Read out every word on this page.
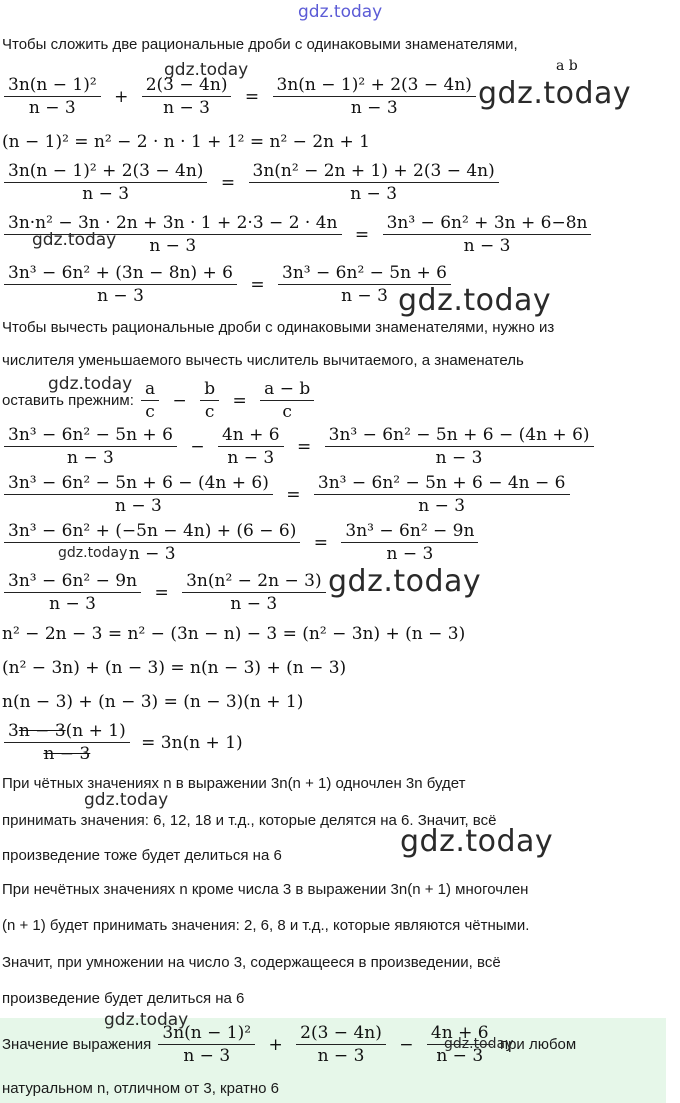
gdz.today
Чтобы сложить две рациональные дроби с одинаковыми знаменателями,
$\frac{\text{3n(n − 1)²}}{n - 3} + \frac{2(3 - 4n)}{n - 3} = \frac{\text{3n(n − 1)² + 2(3 − 4n)}}{n - 3}$
gdz.today
gdz.today
a b
(n − 1)² = n² − 2 · n · 1 + 1² = n² − 2n + 1
$\frac{\text{3n(n − 1)² + 2(3 − 4n)}}{n - 3} = \frac{\text{3n(n² − 2n + 1) + 2(3 − 4n)}}{n - 3}$
$\frac{\text{3n·n² − 3n · 2n + 3n · 1 + 2·3 − 2 · 4n}}{n - 3} = \frac{\text{3n³ − 6n² + 3n + 6−8n}}{n - 3}$
gdz.today
$\frac{\text{3n³ − 6n² + (3n − 8n) + 6}}{n - 3} = \frac{\text{3n³ − 6n² − 5n + 6}}{n - 3}$
gdz.today
Чтобы вычесть рациональные дроби с одинаковыми знаменателями, нужно из
числителя уменьшаемого вычесть числитель вычитаемого, а знаменатель
оставить прежним: $\frac{a}{c} - \frac{b}{c} = \frac{a - b}{c}$
gdz.today
$\frac{\text{3n³ − 6n² − 5n + 6}}{n - 3} - \frac{4n + 6}{n - 3} = \frac{\text{3n³ − 6n² − 5n + 6 − (4n + 6)}}{n - 3}$
$\frac{\text{3n³ − 6n² − 5n + 6 − (4n + 6)}}{n - 3} = \frac{\text{3n³ − 6n² − 5n + 6 − 4n − 6}}{n - 3}$
$\frac{\text{3n³ − 6n² + (−5n − 4n) + (6 − 6)}}{n - 3} = \frac{\text{3n³ − 6n² − 9n}}{n - 3}$
gdz.today
$\frac{\text{3n³ − 6n² − 9n}}{n - 3} = \frac{\text{3n(n² − 2n − 3)}}{n - 3}$ gdz.today
n² − 2n − 3 = n² − (3n − n) − 3 = (n² − 3n) + (n − 3)
(n² − 3n) + (n − 3) = n(n − 3) + (n − 3)
n(n − 3) + (n − 3) = (n − 3)(n + 1)
$\frac{3n - 3(n + 1)}{n - 3} = 3n(n + 1)$
При чётных значениях n в выражении 3n(n + 1) одночлен 3n будет
gdz.today
принимать значения: 6, 12, 18 и т.д., которые делятся на 6. Значит, всё
gdz.today
произведение тоже будет делиться на 6
При нечётных значениях n кроме числа 3 в выражении 3n(n + 1) многочлен
(n + 1) будет принимать значения: 2, 6, 8 и т.д., которые являются чётными.
Значит, при умножении на число 3, содержащееся в произведении, всё
произведение будет делиться на 6
gdz.today
Значение выражения $\frac{\text{3n(n − 1)²}}{n - 3} + \frac{2(3 - 4n)}{n - 3} - \frac{4n + 6}{n - 3}$ при любом
gdz.today
натуральном n, отличном от 3, кратно 6
